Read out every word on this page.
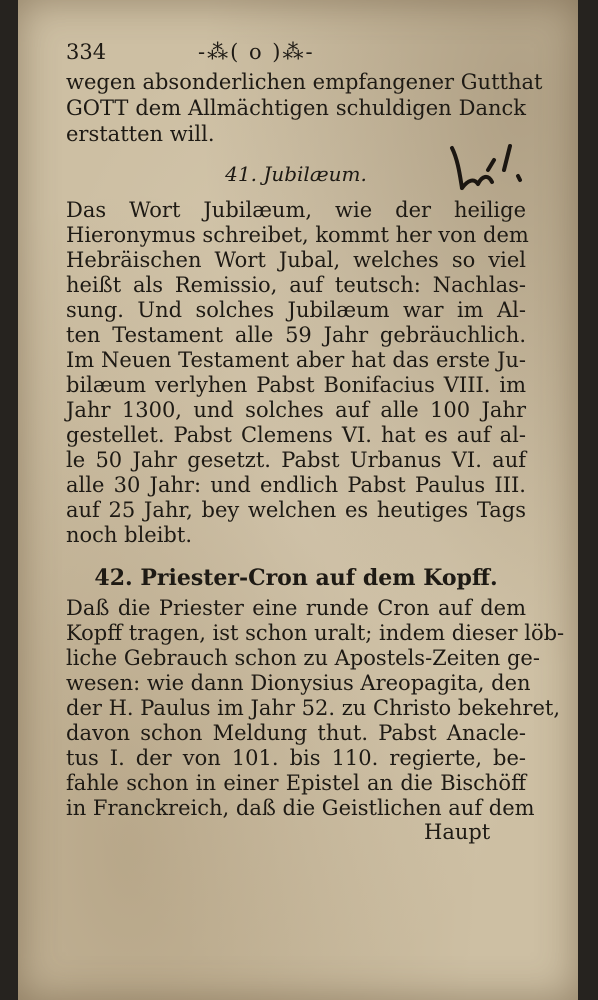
334	-⁂( o )⁂-
wegen absonderlichen empfangener Gutthat
GOTT dem Allmächtigen schuldigen Danck
erstatten will.
41. Jubilæum.
Das Wort Jubilæum, wie der heilige
Hieronymus schreibet, kommt her von dem
Hebräischen Wort Jubal, welches so viel
heißt als Remissio, auf teutsch: Nachlas-
sung. Und solches Jubilæum war im Al-
ten Testament alle 59 Jahr gebräuchlich.
Im Neuen Testament aber hat das erste Ju-
bilæum verlyhen Pabst Bonifacius VIII. im
Jahr 1300, und solches auf alle 100 Jahr
gestellet. Pabst Clemens VI. hat es auf al-
le 50 Jahr gesetzt. Pabst Urbanus VI. auf
alle 30 Jahr: und endlich Pabst Paulus III.
auf 25 Jahr, bey welchen es heutiges Tags
noch bleibt.
42. Priester-Cron auf dem Kopff.
Daß die Priester eine runde Cron auf dem
Kopff tragen, ist schon uralt; indem dieser löb-
liche Gebrauch schon zu Apostels-Zeiten ge-
wesen: wie dann Dionysius Areopagita, den
der H. Paulus im Jahr 52. zu Christo bekehret,
davon schon Meldung thut. Pabst Anacle-
tus I. der von 101. bis 110. regierte, be-
fahle schon in einer Epistel an die Bischöff
in Franckreich, daß die Geistlichen auf dem
Haupt
